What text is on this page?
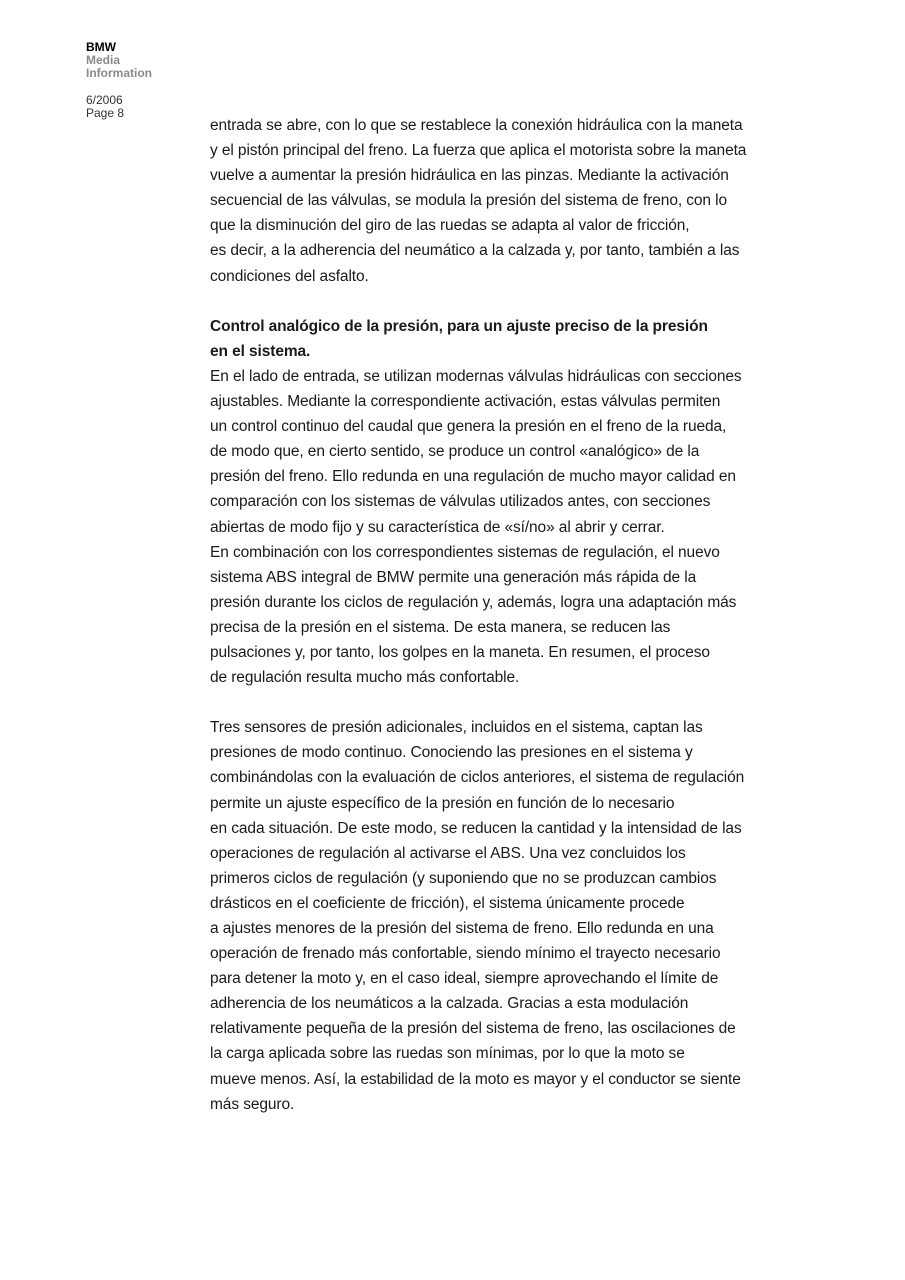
BMW
Media
Information
6/2006
Page 8
entrada se abre, con lo que se restablece la conexión hidráulica con la maneta
y el pistón principal del freno. La fuerza que aplica el motorista sobre la maneta
vuelve a aumentar la presión hidráulica en las pinzas. Mediante la activación
secuencial de las válvulas, se modula la presión del sistema de freno, con lo
que la disminución del giro de las ruedas se adapta al valor de fricción,
es decir, a la adherencia del neumático a la calzada y, por tanto, también a las
condiciones del asfalto.
Control analógico de la presión, para un ajuste preciso de la presión
en el sistema.
En el lado de entrada, se utilizan modernas válvulas hidráulicas con secciones
ajustables. Mediante la correspondiente activación, estas válvulas permiten
un control continuo del caudal que genera la presión en el freno de la rueda,
de modo que, en cierto sentido, se produce un control «analógico» de la
presión del freno. Ello redunda en una regulación de mucho mayor calidad en
comparación con los sistemas de válvulas utilizados antes, con secciones
abiertas de modo fijo y su característica de «sí/no» al abrir y cerrar.
En combinación con los correspondientes sistemas de regulación, el nuevo
sistema ABS integral de BMW permite una generación más rápida de la
presión durante los ciclos de regulación y, además, logra una adaptación más
precisa de la presión en el sistema. De esta manera, se reducen las
pulsaciones y, por tanto, los golpes en la maneta. En resumen, el proceso
de regulación resulta mucho más confortable.
Tres sensores de presión adicionales, incluidos en el sistema, captan las
presiones de modo continuo. Conociendo las presiones en el sistema y
combinándolas con la evaluación de ciclos anteriores, el sistema de regulación
permite un ajuste específico de la presión en función de lo necesario
en cada situación. De este modo, se reducen la cantidad y la intensidad de las
operaciones de regulación al activarse el ABS. Una vez concluidos los
primeros ciclos de regulación (y suponiendo que no se produzcan cambios
drásticos en el coeficiente de fricción), el sistema únicamente procede
a ajustes menores de la presión del sistema de freno. Ello redunda en una
operación de frenado más confortable, siendo mínimo el trayecto necesario
para detener la moto y, en el caso ideal, siempre aprovechando el límite de
adherencia de los neumáticos a la calzada. Gracias a esta modulación
relativamente pequeña de la presión del sistema de freno, las oscilaciones de
la carga aplicada sobre las ruedas son mínimas, por lo que la moto se
mueve menos. Así, la estabilidad de la moto es mayor y el conductor se siente
más seguro.
